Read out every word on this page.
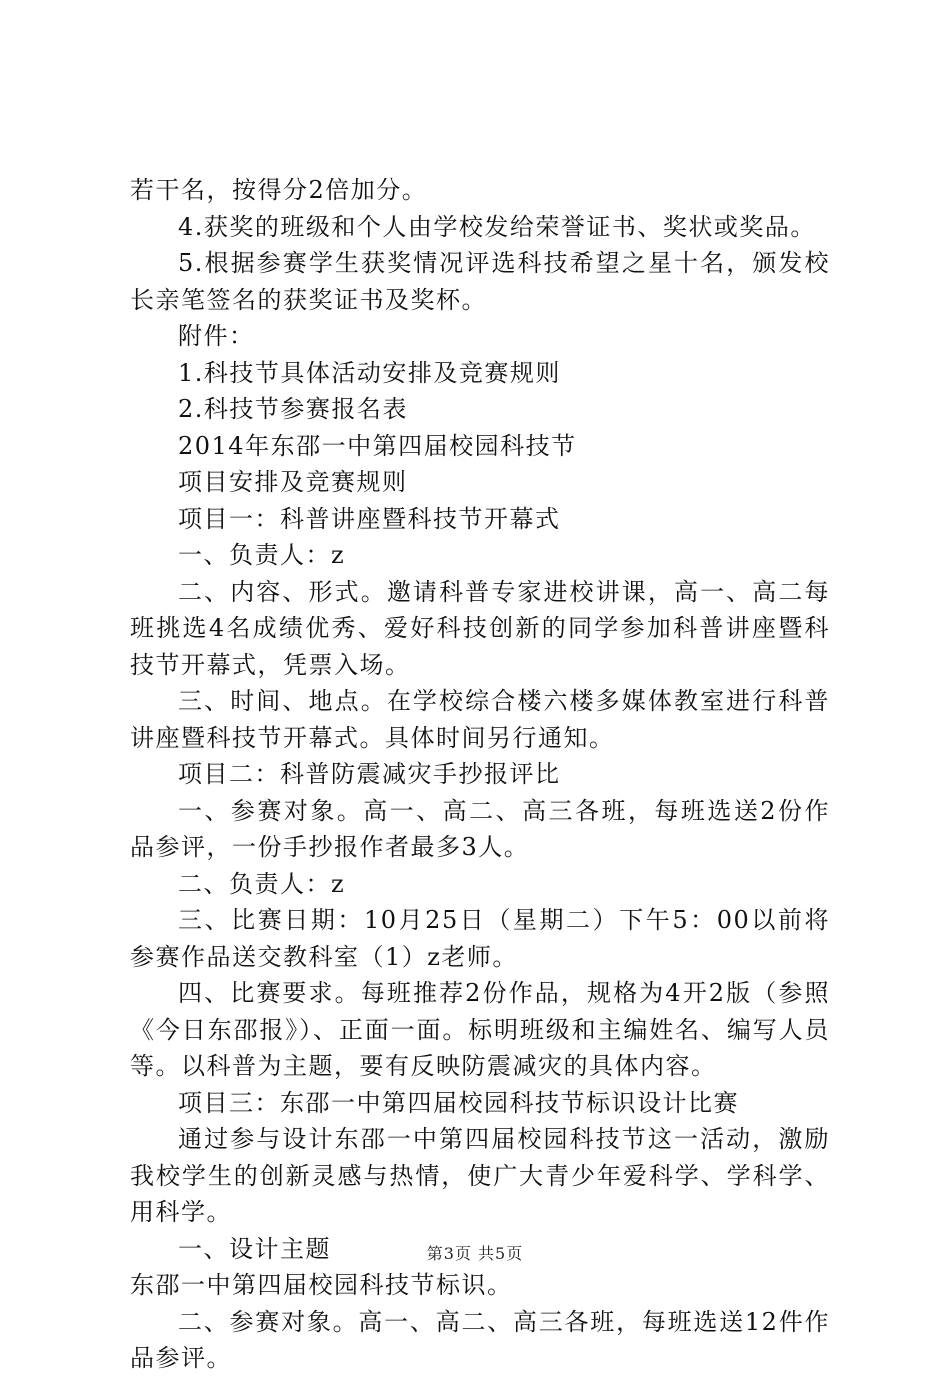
若干名，按得分2倍加分。

4.获奖的班级和个人由学校发给荣誉证书、奖状或奖品。

5.根据参赛学生获奖情况评选科技希望之星十名，颁发校长亲笔签名的获奖证书及奖杯。

附件：

1.科技节具体活动安排及竞赛规则

2.科技节参赛报名表

2014年东邵一中第四届校园科技节

项目安排及竞赛规则

项目一：科普讲座暨科技节开幕式

一、负责人：z

二、内容、形式。邀请科普专家进校讲课，高一、高二每班挑选4名成绩优秀、爱好科技创新的同学参加科普讲座暨科技节开幕式，凭票入场。

三、时间、地点。在学校综合楼六楼多媒体教室进行科普讲座暨科技节开幕式。具体时间另行通知。

项目二：科普防震减灾手抄报评比

一、参赛对象。高一、高二、高三各班，每班选送2份作品参评，一份手抄报作者最多3人。

二、负责人：z

三、比赛日期：10月25日（星期二）下午5：00以前将参赛作品送交教科室（1）z老师。

四、比赛要求。每班推荐2份作品，规格为4开2版（参照《今日东邵报》）、正面一面。标明班级和主编姓名、编写人员等。以科普为主题，要有反映防震减灾的具体内容。

项目三：东邵一中第四届校园科技节标识设计比赛

通过参与设计东邵一中第四届校园科技节这一活动，激励我校学生的创新灵感与热情，使广大青少年爱科学、学科学、用科学。

一、设计主题

东邵一中第四届校园科技节标识。

二、参赛对象。高一、高二、高三各班，每班选送12件作品参评。

第3页 共5页
